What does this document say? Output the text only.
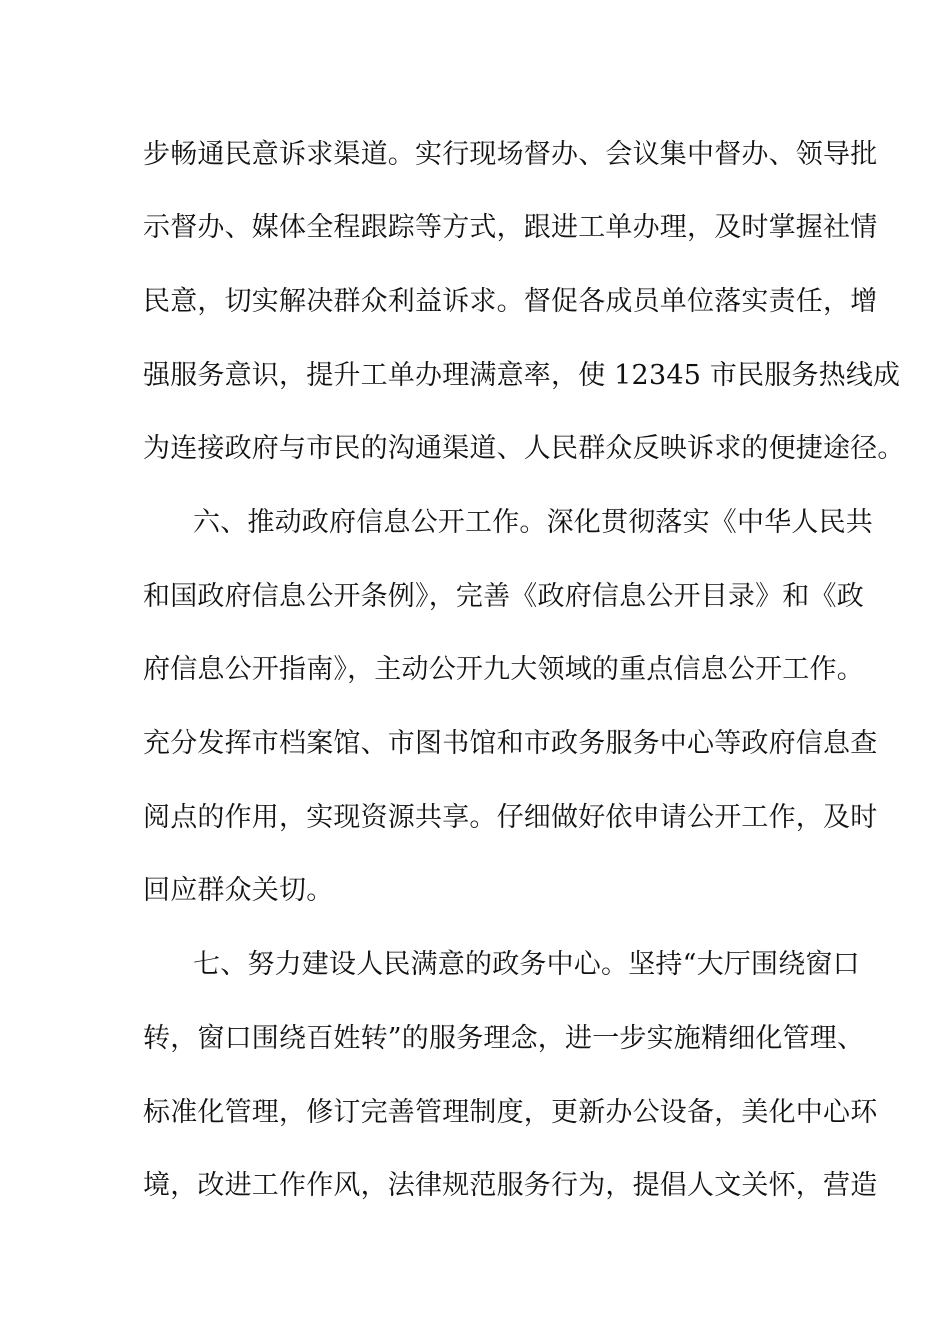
步畅通民意诉求渠道。实行现场督办、会议集中督办、领导批
示督办、媒体全程跟踪等方式，跟进工单办理，及时掌握社情
民意，切实解决群众利益诉求。督促各成员单位落实责任，增
强服务意识，提升工单办理满意率，使 12345 市民服务热线成
为连接政府与市民的沟通渠道、人民群众反映诉求的便捷途径。
六、推动政府信息公开工作。深化贯彻落实《中华人民共
和国政府信息公开条例》，完善《政府信息公开目录》和《政
府信息公开指南》，主动公开九大领域的重点信息公开工作。
充分发挥市档案馆、市图书馆和市政务服务中心等政府信息查
阅点的作用，实现资源共享。仔细做好依申请公开工作，及时
回应群众关切。
七、努力建设人民满意的政务中心。坚持“大厅围绕窗口
转，窗口围绕百姓转”的服务理念，进一步实施精细化管理、
标准化管理，修订完善管理制度，更新办公设备，美化中心环
境，改进工作作风，法律规范服务行为，提倡人文关怀，营造
